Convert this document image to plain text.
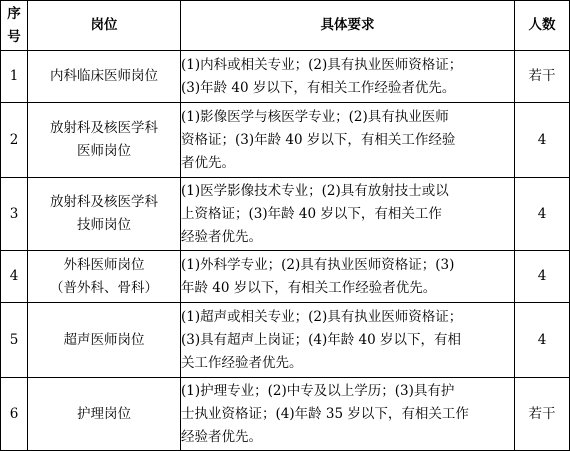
序
号	岗位	具体要求	人数
1	内科临床医师岗位	(1)内科或相关专业；(2)具有执业医师资格证；
(3)年龄 40 岁以下，有相关工作经验者优先。	若干
2	放射科及核医学科
医师岗位	(1)影像医学与核医学专业；(2)具有执业医师
资格证；(3)年龄 40 岁以下，有相关工作经验
者优先。	4
3	放射科及核医学科
技师岗位	(1)医学影像技术专业；(2)具有放射技士或以
上资格证；(3)年龄 40 岁以下，有相关工作
经验者优先。	4
4	外科医师岗位
（普外科、骨科）	(1)外科学专业；(2)具有执业医师资格证；(3)
年龄 40 岁以下，有相关工作经验者优先。	4
5	超声医师岗位	(1)超声或相关专业；(2)具有执业医师资格证；
(3)具有超声上岗证；(4)年龄 40 岁以下，有相
关工作经验者优先。	4
6	护理岗位	(1)护理专业；(2)中专及以上学历；(3)具有护
士执业资格证；(4)年龄 35 岁以下，有相关工作
经验者优先。	若干
